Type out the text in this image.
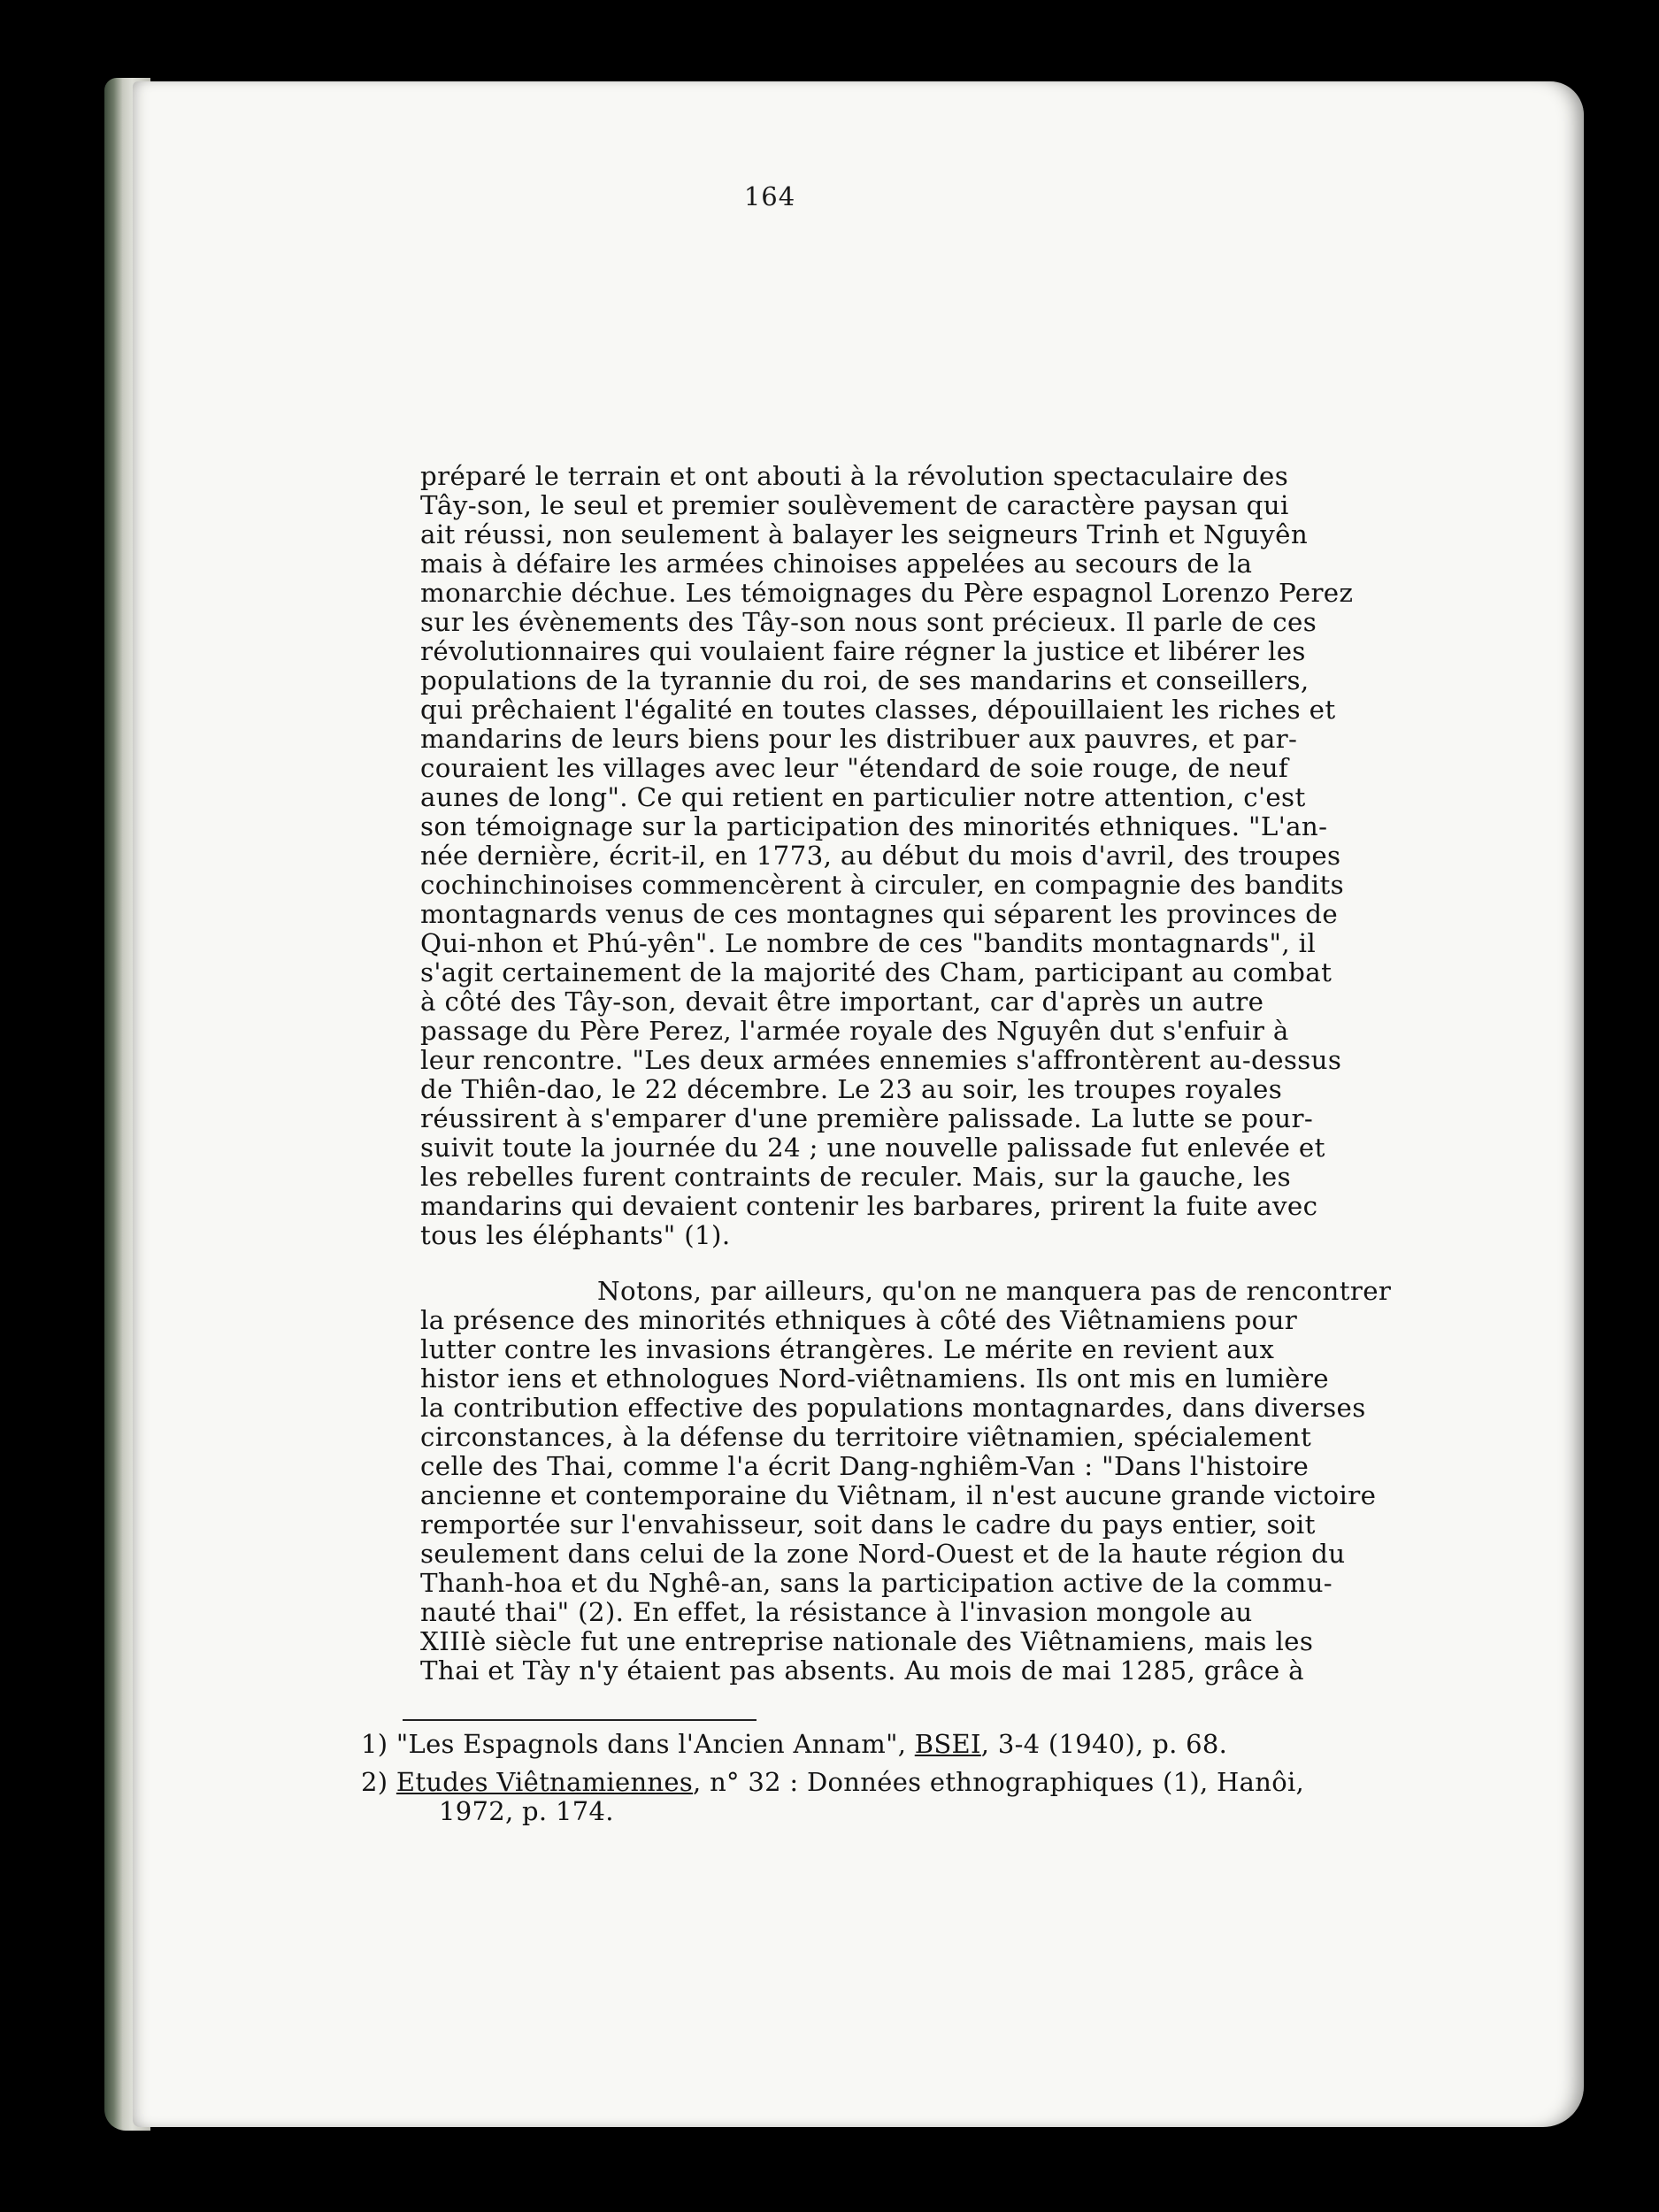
164
préparé le terrain et ont abouti à la révolution spectaculaire des
Tây-son, le seul et premier soulèvement de caractère paysan qui
ait réussi, non seulement à balayer les seigneurs Trinh et Nguyên
mais à défaire les armées chinoises appelées au secours de la
monarchie déchue. Les témoignages du Père espagnol Lorenzo Perez
sur les évènements des Tây-son nous sont précieux. Il parle de ces
révolutionnaires qui voulaient faire régner la justice et libérer les
populations de la tyrannie du roi, de ses mandarins et conseillers,
qui prêchaient l'égalité en toutes classes, dépouillaient les riches et
mandarins de leurs biens pour les distribuer aux pauvres, et par-
couraient les villages avec leur "étendard de soie rouge, de neuf
aunes de long". Ce qui retient en particulier notre attention, c'est
son témoignage sur la participation des minorités ethniques. "L'an-
née dernière, écrit-il, en 1773, au début du mois d'avril, des troupes
cochinchinoises commencèrent à circuler, en compagnie des bandits
montagnards venus de ces montagnes qui séparent les provinces de
Qui-nhon et Phú-yên". Le nombre de ces "bandits montagnards", il
s'agit certainement de la majorité des Cham, participant au combat
à côté des Tây-son, devait être important, car d'après un autre
passage du Père Perez, l'armée royale des Nguyên dut s'enfuir à
leur rencontre. "Les deux armées ennemies s'affrontèrent au-dessus
de Thiên-dao, le 22 décembre. Le 23 au soir, les troupes royales
réussirent à s'emparer d'une première palissade. La lutte se pour-
suivit toute la journée du 24 ; une nouvelle palissade fut enlevée et
les rebelles furent contraints de reculer. Mais, sur la gauche, les
mandarins qui devaient contenir les barbares, prirent la fuite avec
tous les éléphants" (1).
Notons, par ailleurs, qu'on ne manquera pas de rencontrer
la présence des minorités ethniques à côté des Viêtnamiens pour
lutter contre les invasions étrangères. Le mérite en revient aux
histor iens et ethnologues Nord-viêtnamiens. Ils ont mis en lumière
la contribution effective des populations montagnardes, dans diverses
circonstances, à la défense du territoire viêtnamien, spécialement
celle des Thai, comme l'a écrit Dang-nghiêm-Van : "Dans l'histoire
ancienne et contemporaine du Viêtnam, il n'est aucune grande victoire
remportée sur l'envahisseur, soit dans le cadre du pays entier, soit
seulement dans celui de la zone Nord-Ouest et de la haute région du
Thanh-hoa et du Nghê-an, sans la participation active de la commu-
nauté thai" (2). En effet, la résistance à l'invasion mongole au
XIIIè siècle fut une entreprise nationale des Viêtnamiens, mais les
Thai et Tày n'y étaient pas absents. Au mois de mai 1285, grâce à
1) "Les Espagnols dans l'Ancien Annam", BSEI, 3-4 (1940), p. 68.
2) Etudes Viêtnamiennes, n° 32 : Données ethnographiques (1), Hanôi,
1972, p. 174.
